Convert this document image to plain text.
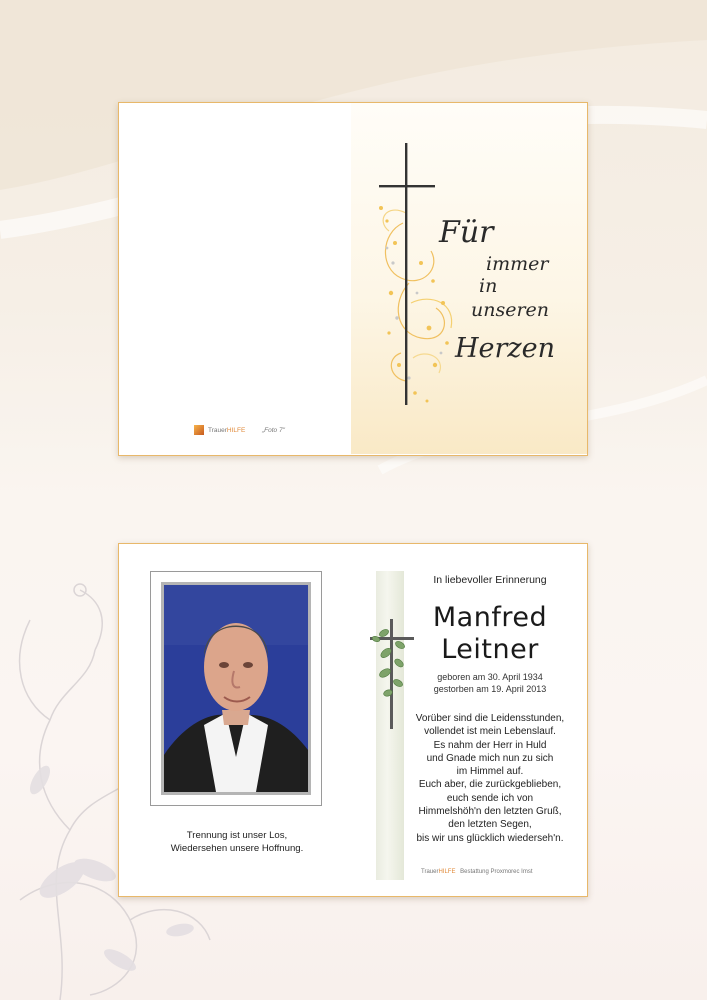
Für
immer
in
unseren
Herzen
TrauerHILFE	„Foto 7"
Trennung ist unser Los,
Wiedersehen unsere Hoffnung.
In liebevoller Erinnerung
Manfred
Leitner
geboren am 30. April 1934
gestorben am 19. April 2013
Vorüber sind die Leidensstunden,
vollendet ist mein Lebenslauf.
Es nahm der Herr in Huld
und Gnade mich nun zu sich
im Himmel auf.
Euch aber, die zurückgeblieben,
euch sende ich von
Himmelshöh'n den letzten Gruß,
den letzten Segen,
bis wir uns glücklich wiederseh'n.
TrauerHILFE Bestattung Proxmorec Imst
